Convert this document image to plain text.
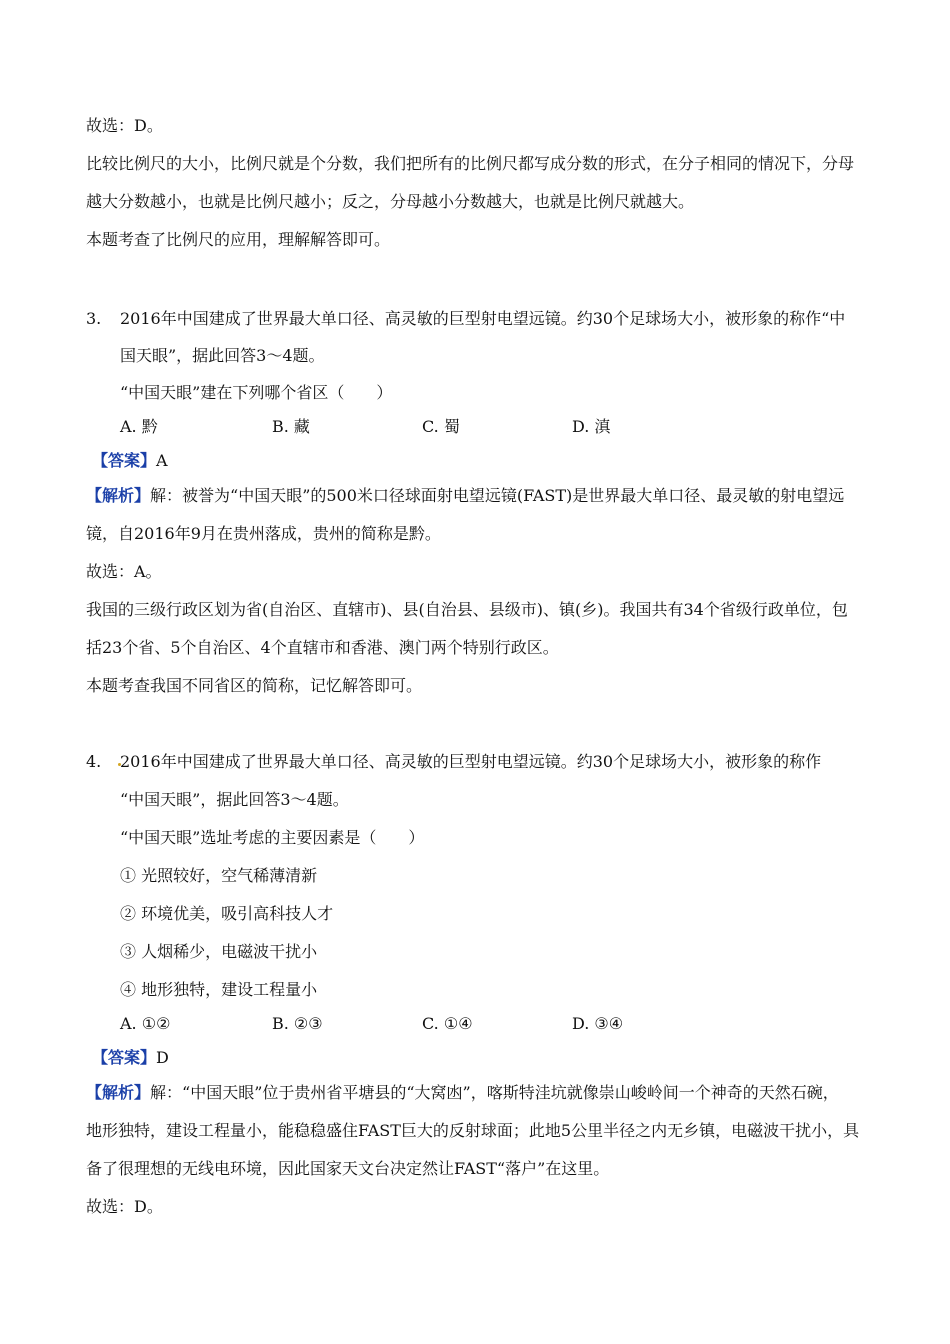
故选：D。
比较比例尺的大小，比例尺就是个分数，我们把所有的比例尺都写成分数的形式，在分子相同的情况下，分母
越大分数越小，也就是比例尺越小；反之，分母越小分数越大，也就是比例尺就越大。
本题考查了比例尺的应用，理解解答即可。
3. 2016年中国建成了世界最大单口径、高灵敏的巨型射电望远镜。约30个足球场大小，被形象的称作“中
国天眼”，据此回答3～4题。
“中国天眼”建在下列哪个省区（　　）
A. 黔	B. 藏	C. 蜀	D. 滇
【答案】A
【解析】解：被誉为“中国天眼”的500米口径球面射电望远镜(FAST)是世界最大单口径、最灵敏的射电望远
镜，自2016年9月在贵州落成，贵州的简称是黔。
故选：A。
我国的三级行政区划为省(自治区、直辖市)、县(自治县、县级市)、镇(乡)。我国共有34个省级行政单位，包
括23个省、5个自治区、4个直辖市和香港、澳门两个特别行政区。
本题考查我国不同省区的简称，记忆解答即可。
4. 2016年中国建成了世界最大单口径、高灵敏的巨型射电望远镜。约30个足球场大小，被形象的称作
“中国天眼”，据此回答3～4题。
“中国天眼”选址考虑的主要因素是（　　）
① 光照较好，空气稀薄清新
② 环境优美，吸引高科技人才
③ 人烟稀少，电磁波干扰小
④ 地形独特，建设工程量小
A. ①②	B. ②③	C. ①④	D. ③④
【答案】D
【解析】解：“中国天眼”位于贵州省平塘县的“大窝凼”，喀斯特洼坑就像崇山峻岭间一个神奇的天然石碗，
地形独特，建设工程量小，能稳稳盛住FAST巨大的反射球面；此地5公里半径之内无乡镇，电磁波干扰小，具
备了很理想的无线电环境，因此国家天文台决定然让FAST“落户”在这里。
故选：D。
